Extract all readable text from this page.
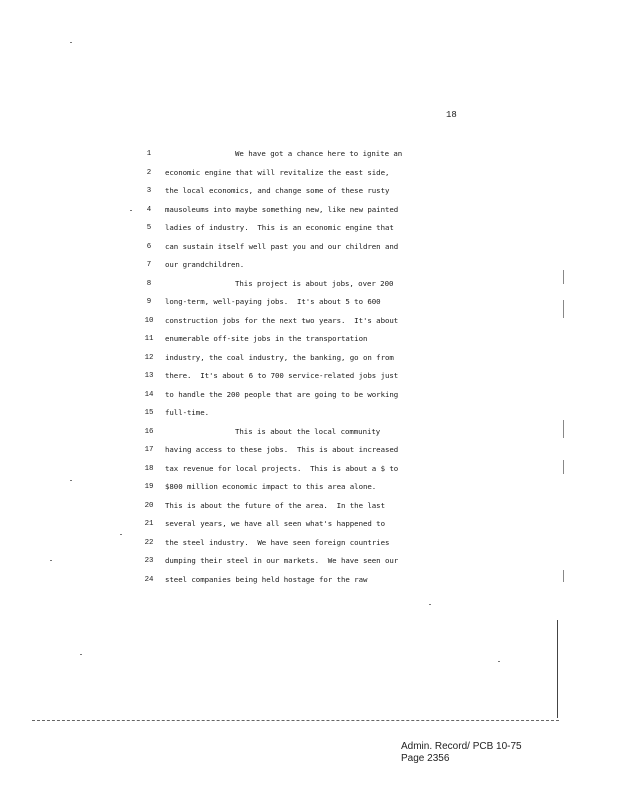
18
1	We have got a chance here to ignite an
2	economic engine that will revitalize the east side,
3	the local economics, and change some of these rusty
4	mausoleums into maybe something new, like new painted
5	ladies of industry.  This is an economic engine that
6	can sustain itself well past you and our children and
7	our grandchildren.
8	This project is about jobs, over 200
9	long-term, well-paying jobs.  It's about 5 to 600
10	construction jobs for the next two years.  It's about
11	enumerable off-site jobs in the transportation
12	industry, the coal industry, the banking, go on from
13	there.  It's about 6 to 700 service-related jobs just
14	to handle the 200 people that are going to be working
15	full-time.
16	This is about the local community
17	having access to these jobs.  This is about increased
18	tax revenue for local projects.  This is about a $ to
19	$800 million economic impact to this area alone.
20	This is about the future of the area.  In the last
21	several years, we have all seen what's happened to
22	the steel industry.  We have seen foreign countries
23	dumping their steel in our markets.  We have seen our
24	steel companies being held hostage for the raw
Admin. Record/ PCB 10-75
Page 2356
